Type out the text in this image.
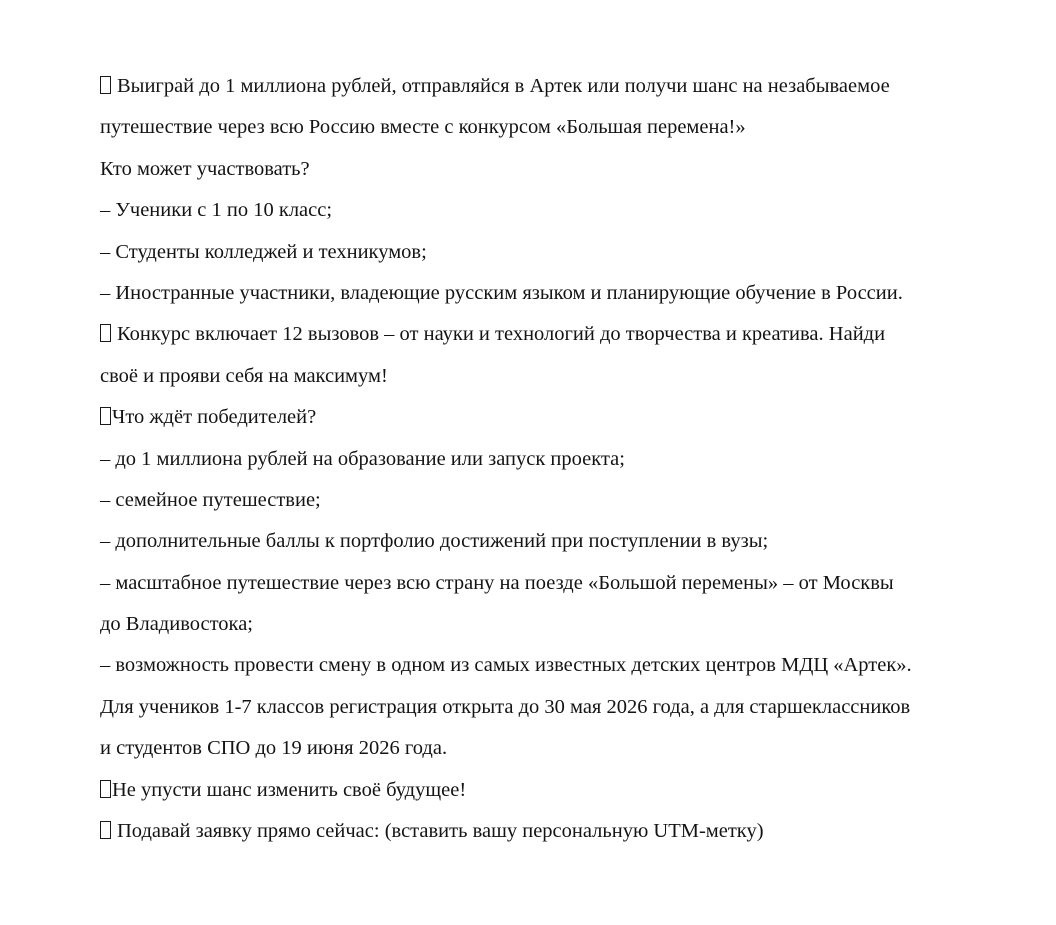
Выиграй до 1 миллиона рублей, отправляйся в Артек или получи шанс на незабываемое
путешествие через всю Россию вместе с конкурсом «Большая перемена!»
Кто может участвовать?
– Ученики с 1 по 10 класс;
– Студенты колледжей и техникумов;
– Иностранные участники, владеющие русским языком и планирующие обучение в России.
Конкурс включает 12 вызовов – от науки и технологий до творчества и креатива. Найди
своё и прояви себя на максимум!
Что ждёт победителей?
– до 1 миллиона рублей на образование или запуск проекта;
– семейное путешествие;
– дополнительные баллы к портфолио достижений при поступлении в вузы;
– масштабное путешествие через всю страну на поезде «Большой перемены» – от Москвы
до Владивостока;
– возможность провести смену в одном из самых известных детских центров МДЦ «Артек».
Для учеников 1-7 классов регистрация открыта до 30 мая 2026 года, а для старшеклассников
и студентов СПО до 19 июня 2026 года.
Не упусти шанс изменить своё будущее!
Подавай заявку прямо сейчас: (вставить вашу персональную UTM-метку)
